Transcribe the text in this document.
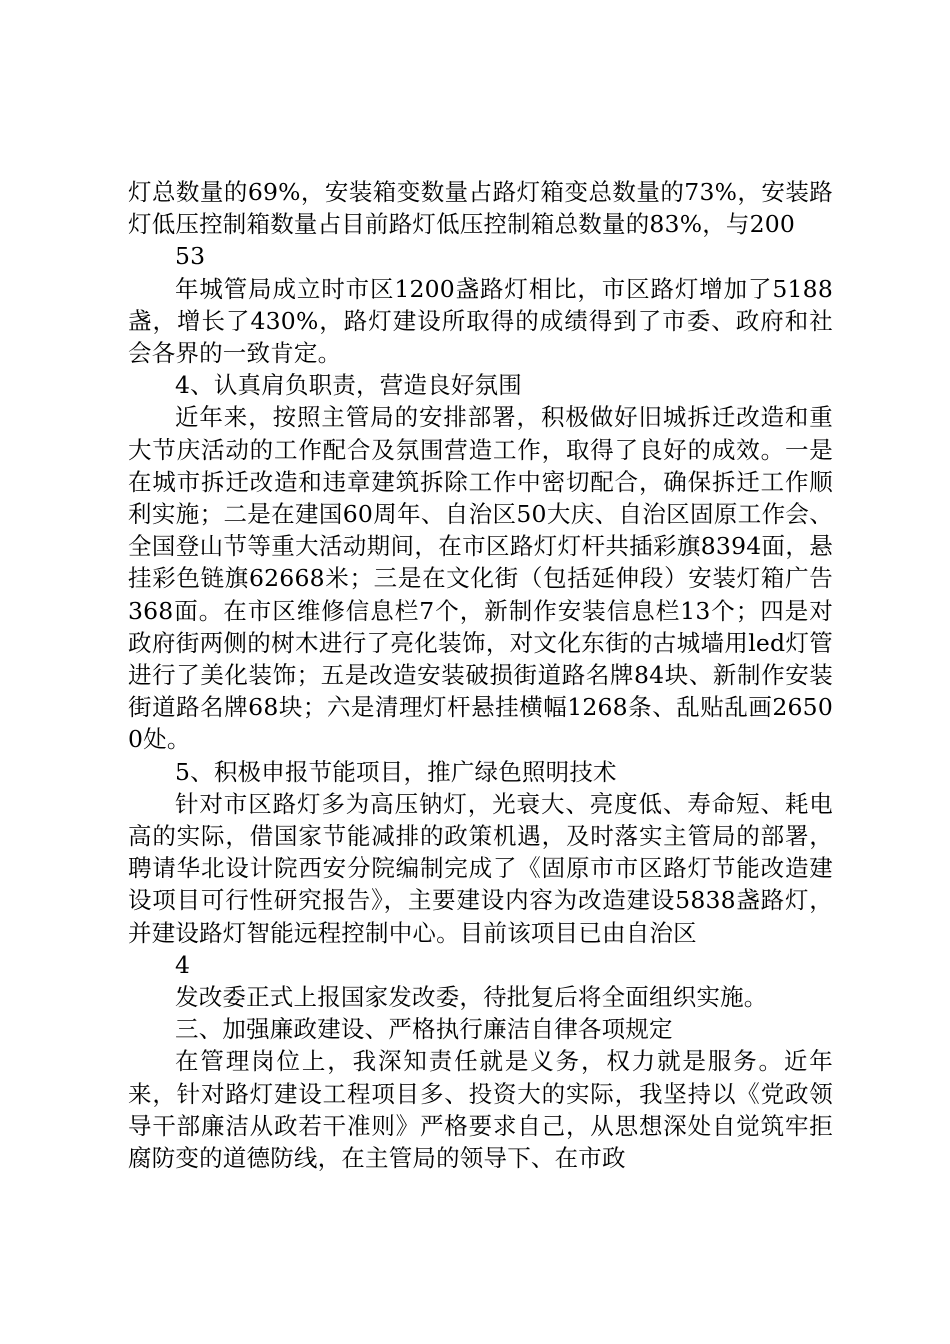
灯总数量的69%，安装箱变数量占路灯箱变总数量的73%，安装路灯低压控制箱数量占目前路灯低压控制箱总数量的83%，与200

53

年城管局成立时市区1200盏路灯相比，市区路灯增加了5188盏，增长了430%，路灯建设所取得的成绩得到了市委、政府和社会各界的一致肯定。

4、认真肩负职责，营造良好氛围

近年来，按照主管局的安排部署，积极做好旧城拆迁改造和重大节庆活动的工作配合及氛围营造工作，取得了良好的成效。一是在城市拆迁改造和违章建筑拆除工作中密切配合，确保拆迁工作顺利实施；二是在建国60周年、自治区50大庆、自治区固原工作会、全国登山节等重大活动期间，在市区路灯灯杆共插彩旗8394面，悬挂彩色链旗62668米；三是在文化街（包括延伸段）安装灯箱广告368面。在市区维修信息栏7个，新制作安装信息栏13个；四是对政府街两侧的树木进行了亮化装饰，对文化东街的古城墙用led灯管进行了美化装饰；五是改造安装破损街道路名牌84块、新制作安装街道路名牌68块；六是清理灯杆悬挂横幅1268条、乱贴乱画26500处。

5、积极申报节能项目，推广绿色照明技术

针对市区路灯多为高压钠灯，光衰大、亮度低、寿命短、耗电高的实际，借国家节能减排的政策机遇，及时落实主管局的部署，聘请华北设计院西安分院编制完成了《固原市市区路灯节能改造建设项目可行性研究报告》，主要建设内容为改造建设5838盏路灯，并建设路灯智能远程控制中心。目前该项目已由自治区

4

发改委正式上报国家发改委，待批复后将全面组织实施。

三、加强廉政建设、严格执行廉洁自律各项规定

在管理岗位上，我深知责任就是义务，权力就是服务。近年来，针对路灯建设工程项目多、投资大的实际，我坚持以《党政领导干部廉洁从政若干准则》严格要求自己，从思想深处自觉筑牢拒腐防变的道德防线，在主管局的领导下、在市政
